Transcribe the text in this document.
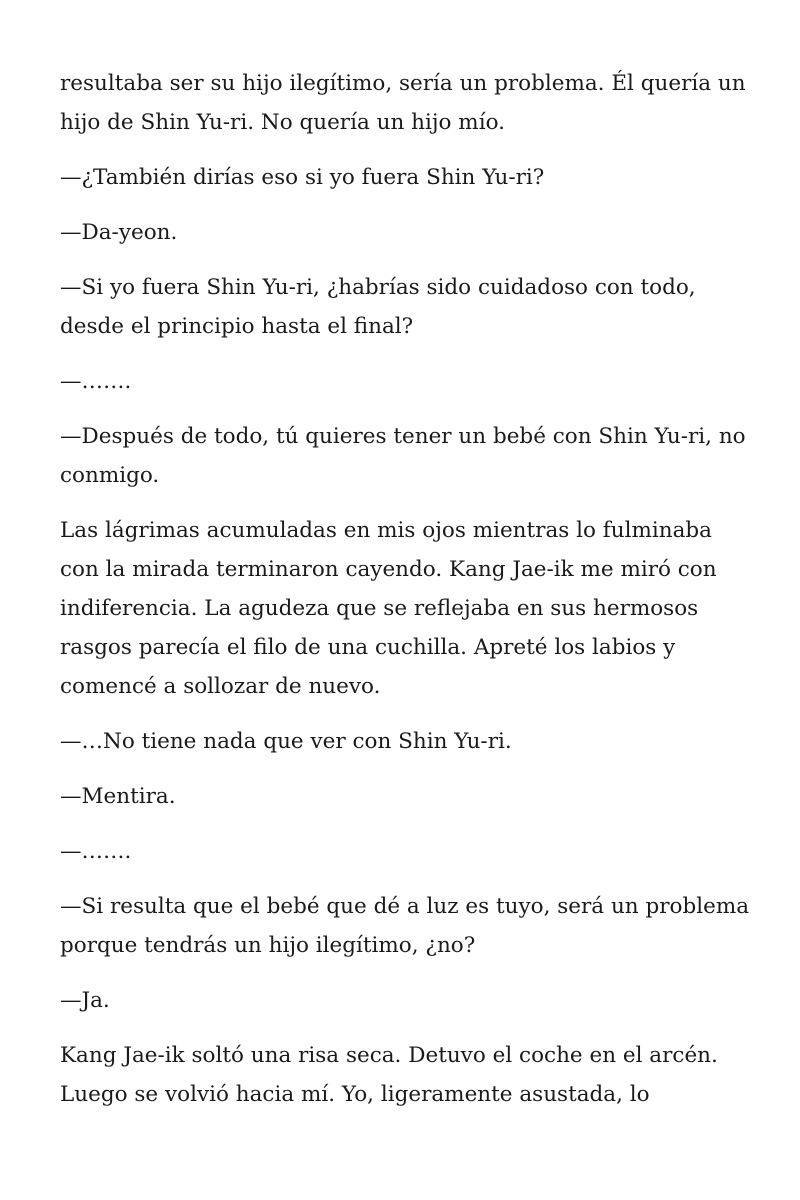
resultaba ser su hijo ilegítimo, sería un problema. Él quería un hijo de Shin Yu-ri. No quería un hijo mío.

—¿También dirías eso si yo fuera Shin Yu-ri?

—Da-yeon.

—Si yo fuera Shin Yu-ri, ¿habrías sido cuidadoso con todo, desde el principio hasta el final?

—…….

—Después de todo, tú quieres tener un bebé con Shin Yu-ri, no conmigo.

Las lágrimas acumuladas en mis ojos mientras lo fulminaba con la mirada terminaron cayendo. Kang Jae-ik me miró con indiferencia. La agudeza que se reflejaba en sus hermosos rasgos parecía el filo de una cuchilla. Apreté los labios y comencé a sollozar de nuevo.

—…No tiene nada que ver con Shin Yu-ri.

—Mentira.

—…….

—Si resulta que el bebé que dé a luz es tuyo, será un problema porque tendrás un hijo ilegítimo, ¿no?

—Ja.

Kang Jae-ik soltó una risa seca. Detuvo el coche en el arcén. Luego se volvió hacia mí. Yo, ligeramente asustada, lo
